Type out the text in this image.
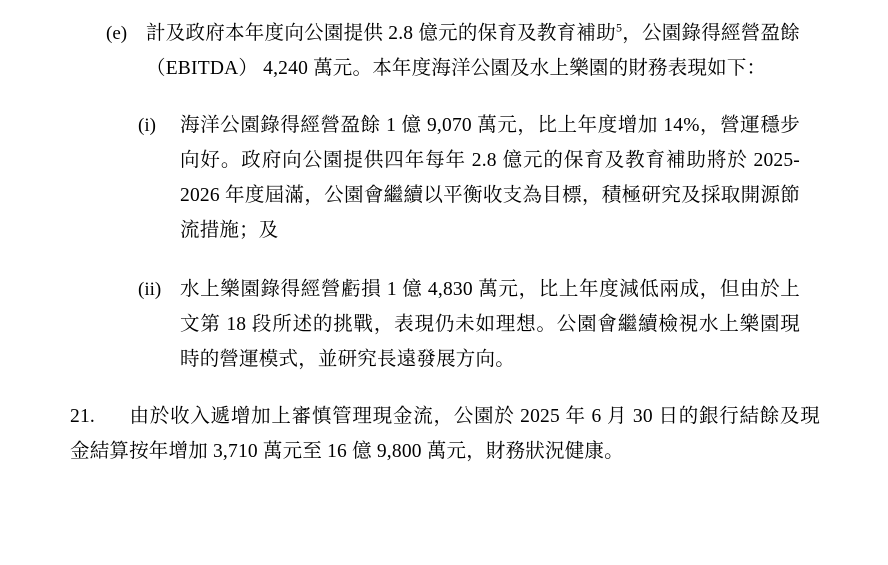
(e) 計及政府本年度向公園提供 2.8 億元的保育及教育補助$^5$，公園錄得經營盈餘（EBITDA） 4,240 萬元。本年度海洋公園及水上樂園的財務表現如下：
(i)	海洋公園錄得經營盈餘 1 億 9,070 萬元，比上年度增加 14%，營運穩步向好。政府向公園提供四年每年 2.8 億元的保育及教育補助將於 2025-2026 年度屆滿，公園會繼續以平衡收支為目標，積極研究及採取開源節流措施；及
(ii) 水上樂園錄得經營虧損 1 億 4,830 萬元，比上年度減低兩成，但由於上文第 18 段所述的挑戰，表現仍未如理想。公園會繼續檢視水上樂園現時的營運模式，並研究長遠發展方向。
21. 由於收入遞增加上審慎管理現金流，公園於 2025 年 6 月 30 日的銀行結餘及現金結算按年增加 3,710 萬元至 16 億 9,800 萬元，財務狀況健康。
